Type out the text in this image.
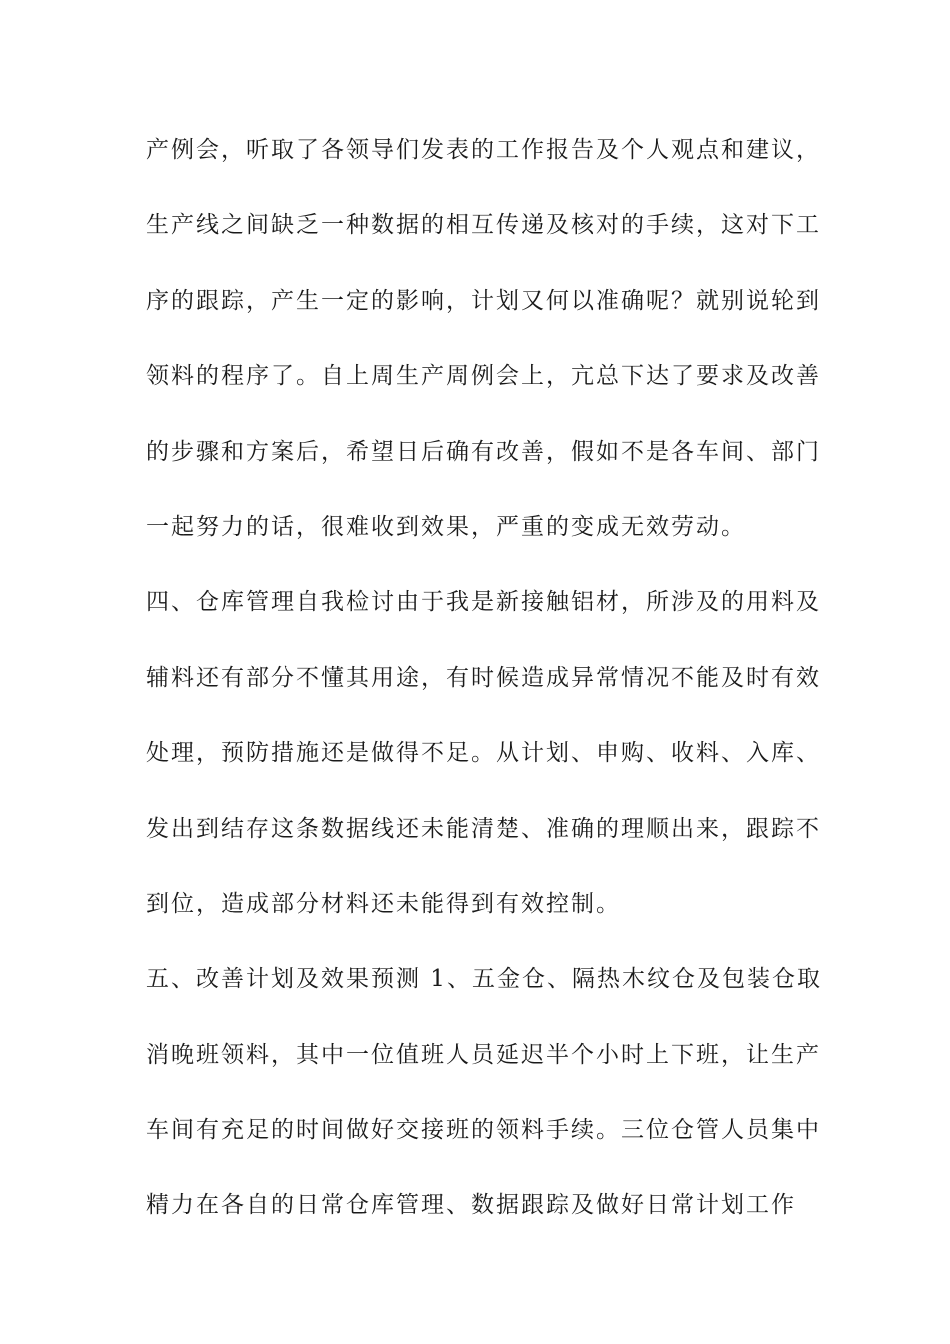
产例会，听取了各领导们发表的工作报告及个人观点和建议，
生产线之间缺乏一种数据的相互传递及核对的手续，这对下工
序的跟踪，产生一定的影响，计划又何以准确呢？就别说轮到
领料的程序了。自上周生产周例会上，亢总下达了要求及改善
的步骤和方案后，希望日后确有改善，假如不是各车间、部门
一起努力的话，很难收到效果，严重的变成无效劳动。
四、仓库管理自我检讨由于我是新接触铝材，所涉及的用料及
辅料还有部分不懂其用途，有时候造成异常情况不能及时有效
处理，预防措施还是做得不足。从计划、申购、收料、入库、
发出到结存这条数据线还未能清楚、准确的理顺出来，跟踪不
到位，造成部分材料还未能得到有效控制。
五、改善计划及效果预测 1、五金仓、隔热木纹仓及包装仓取
消晚班领料，其中一位值班人员延迟半个小时上下班，让生产
车间有充足的时间做好交接班的领料手续。三位仓管人员集中
精力在各自的日常仓库管理、数据跟踪及做好日常计划工作
